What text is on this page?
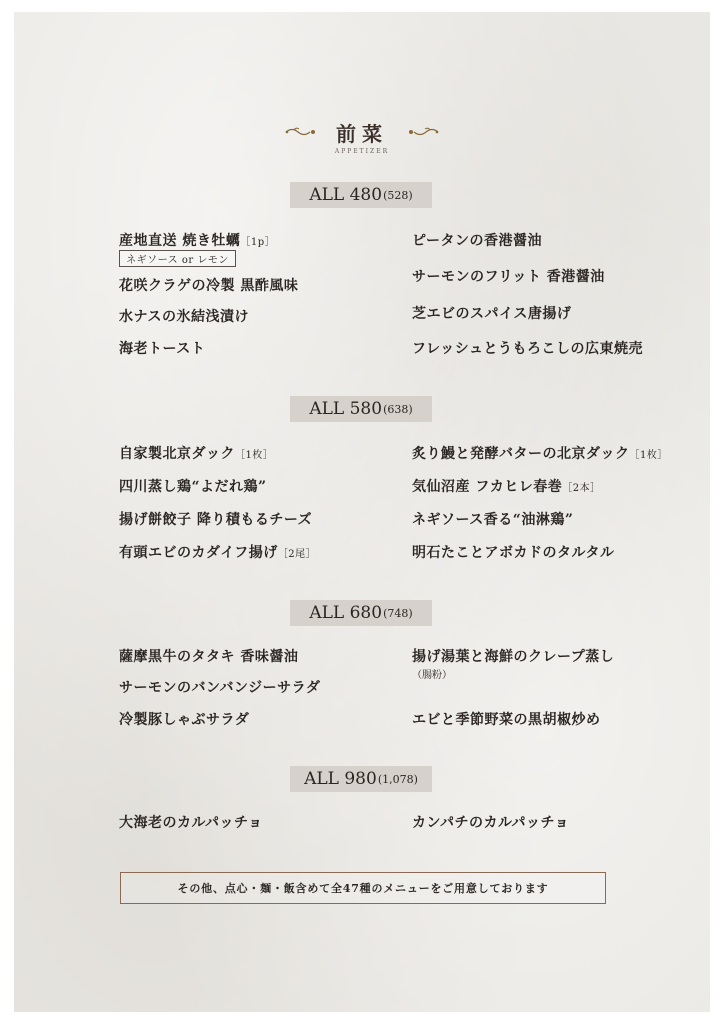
前菜
APPETIZER
ALL 480 (528)
産地直送 焼き牡蠣［1p］
ネギソース or レモン
花咲クラゲの冷製 黒酢風味
水ナスの氷結浅漬け
海老トースト
ピータンの香港醤油
サーモンのフリット 香港醤油
芝エビのスパイス唐揚げ
フレッシュとうもろこしの広東焼売
ALL 580 (638)
自家製北京ダック［1枚］
四川蒸し鶏“よだれ鶏”
揚げ餅餃子 降り積もるチーズ
有頭エビのカダイフ揚げ［2尾］
炙り鰻と発酵バターの北京ダック［1枚］
気仙沼産 フカヒレ春巻［2本］
ネギソース香る“油淋鶏”
明石たことアボカドのタルタル
ALL 680 (748)
薩摩黒牛のタタキ 香味醤油
サーモンのバンバンジーサラダ
冷製豚しゃぶサラダ
揚げ湯葉と海鮮のクレープ蒸し
（腸粉）
エビと季節野菜の黒胡椒炒め
ALL 980 (1,078)
大海老のカルパッチョ	カンパチのカルパッチョ
その他、点心・麺・飯含めて全47種のメニューをご用意しております
